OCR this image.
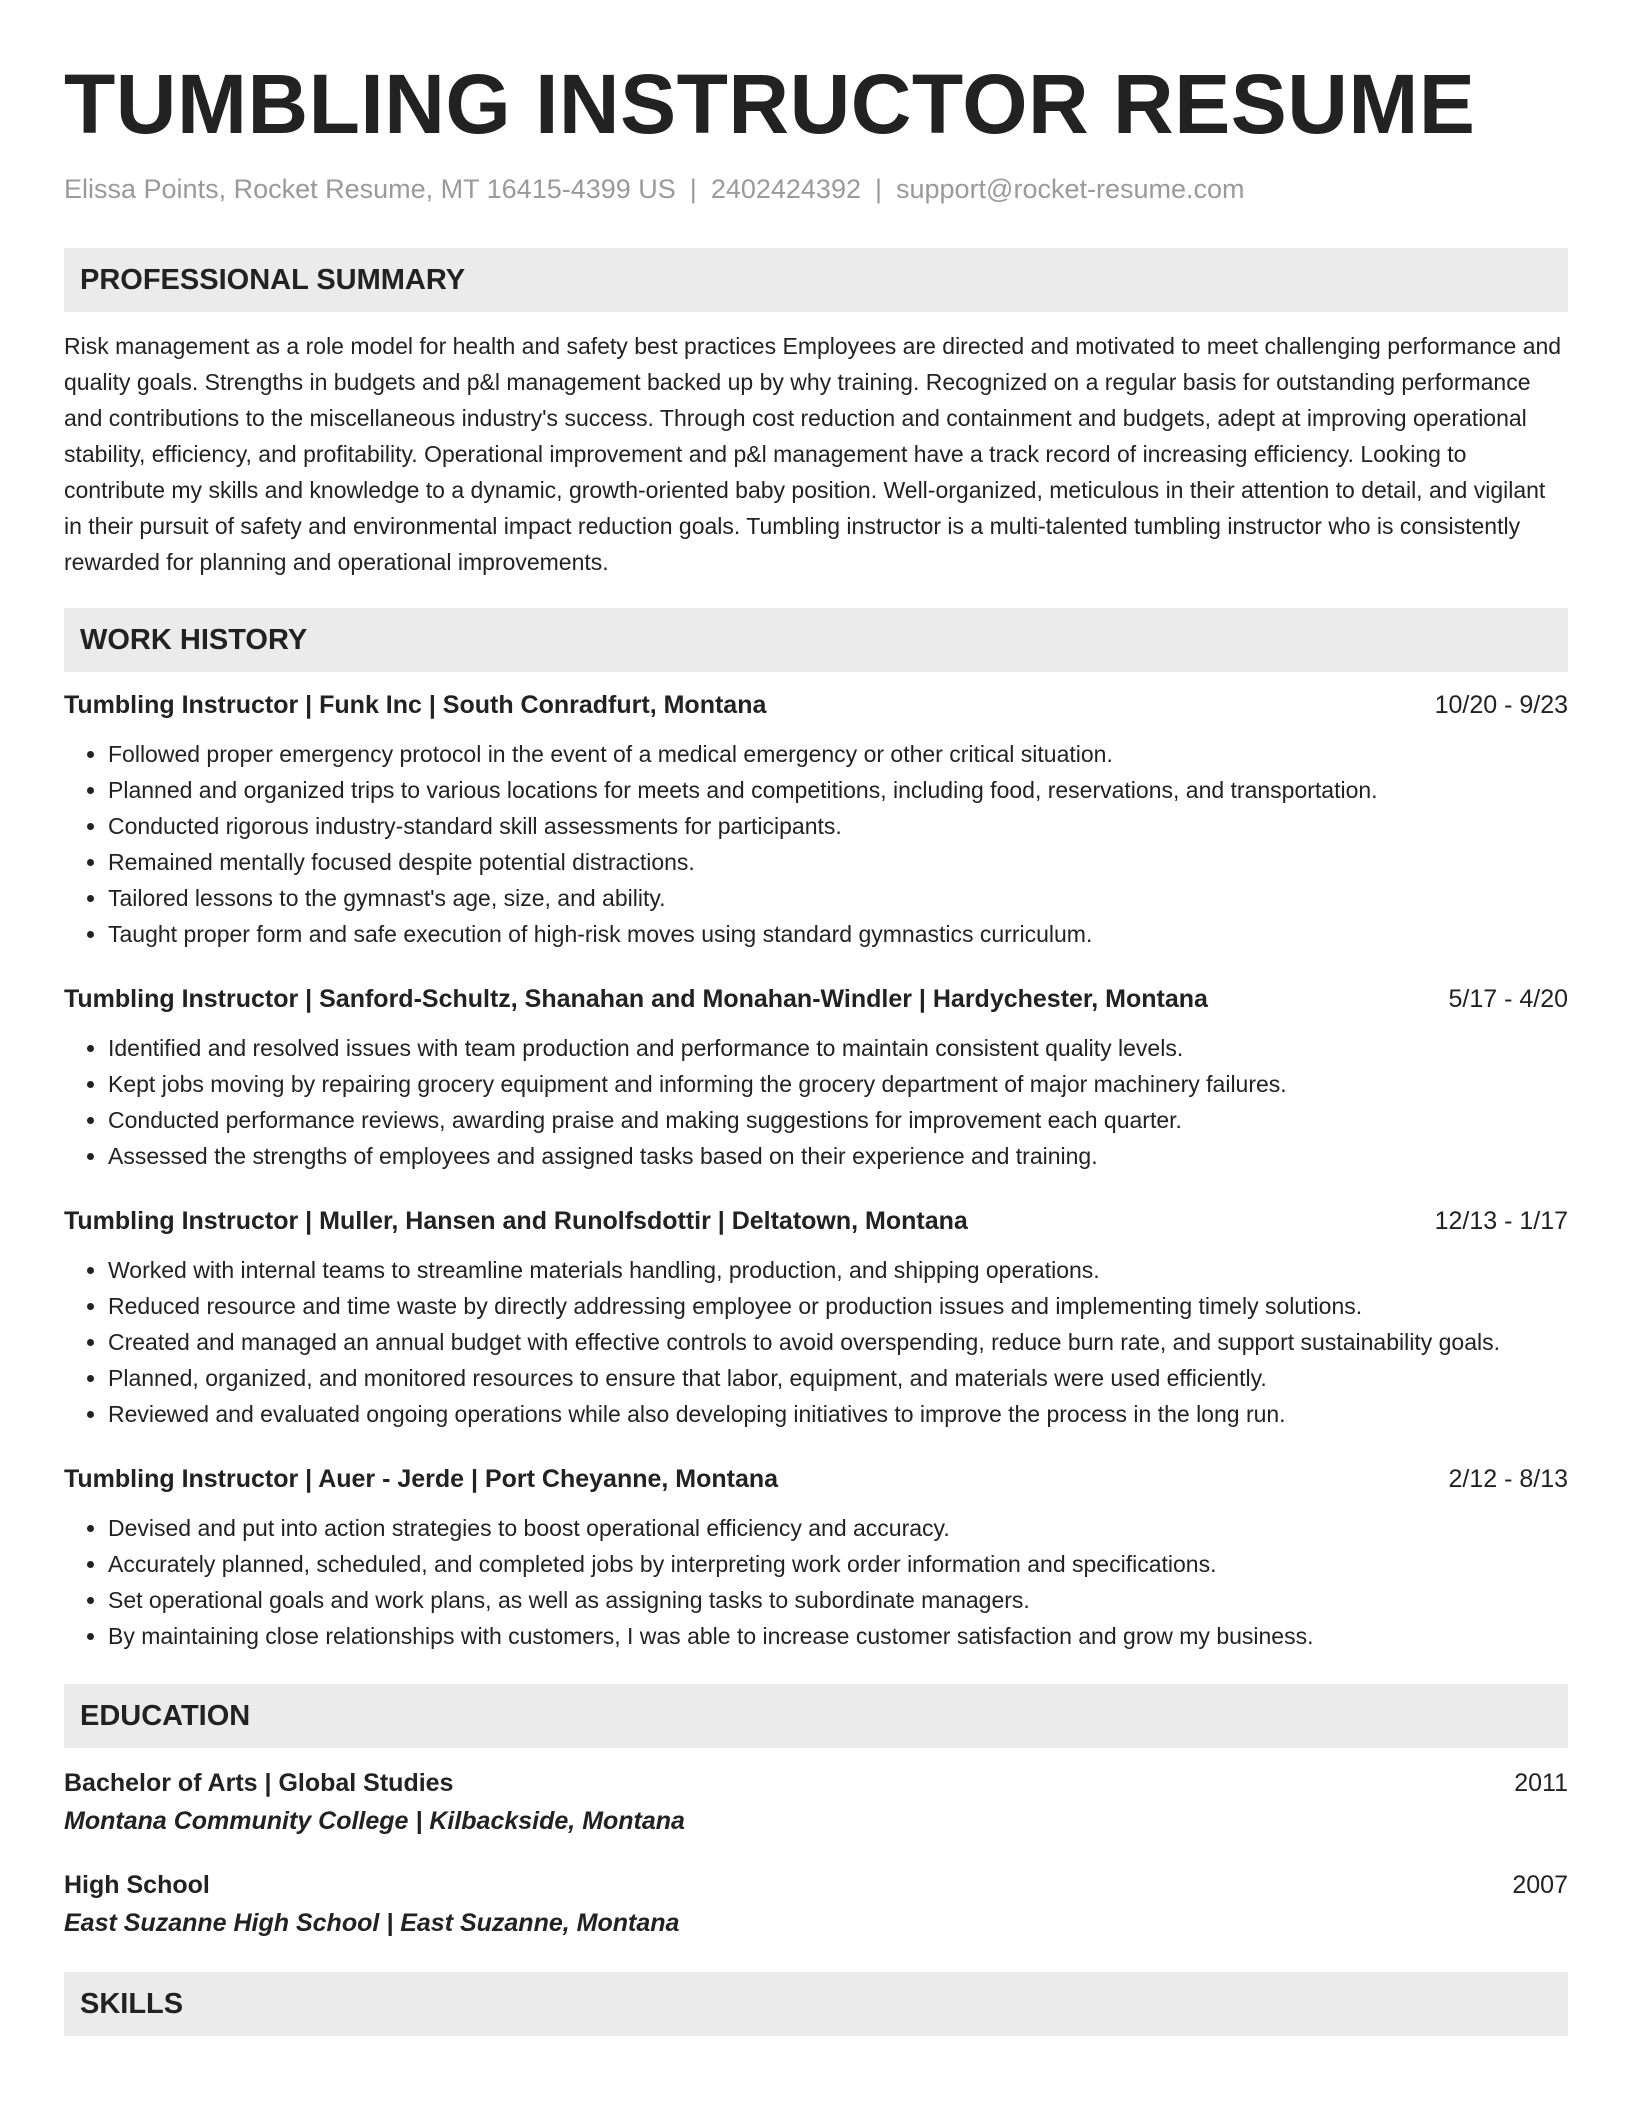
TUMBLING INSTRUCTOR RESUME
Elissa Points, Rocket Resume, MT 16415-4399 US | 2402424392 | support@rocket-resume.com
PROFESSIONAL SUMMARY

Risk management as a role model for health and safety best practices Employees are directed and motivated to meet challenging performance and quality goals. Strengths in budgets and p&l management backed up by why training. Recognized on a regular basis for outstanding performance and contributions to the miscellaneous industry's success. Through cost reduction and containment and budgets, adept at improving operational stability, efficiency, and profitability. Operational improvement and p&l management have a track record of increasing efficiency. Looking to contribute my skills and knowledge to a dynamic, growth-oriented baby position. Well-organized, meticulous in their attention to detail, and vigilant in their pursuit of safety and environmental impact reduction goals. Tumbling instructor is a multi-talented tumbling instructor who is consistently rewarded for planning and operational improvements.

WORK HISTORY
Tumbling Instructor | Funk Inc | South Conradfurt, Montana	10/20 - 9/23
• Followed proper emergency protocol in the event of a medical emergency or other critical situation.
• Planned and organized trips to various locations for meets and competitions, including food, reservations, and transportation.
• Conducted rigorous industry-standard skill assessments for participants.
• Remained mentally focused despite potential distractions.
• Tailored lessons to the gymnast's age, size, and ability.
• Taught proper form and safe execution of high-risk moves using standard gymnastics curriculum.
Tumbling Instructor | Sanford-Schultz, Shanahan and Monahan-Windler | Hardychester, Montana	5/17 - 4/20
• Identified and resolved issues with team production and performance to maintain consistent quality levels.
• Kept jobs moving by repairing grocery equipment and informing the grocery department of major machinery failures.
• Conducted performance reviews, awarding praise and making suggestions for improvement each quarter.
• Assessed the strengths of employees and assigned tasks based on their experience and training.
Tumbling Instructor | Muller, Hansen and Runolfsdottir | Deltatown, Montana	12/13 - 1/17
• Worked with internal teams to streamline materials handling, production, and shipping operations.
• Reduced resource and time waste by directly addressing employee or production issues and implementing timely solutions.
• Created and managed an annual budget with effective controls to avoid overspending, reduce burn rate, and support sustainability goals.
• Planned, organized, and monitored resources to ensure that labor, equipment, and materials were used efficiently.
• Reviewed and evaluated ongoing operations while also developing initiatives to improve the process in the long run.
Tumbling Instructor | Auer - Jerde | Port Cheyanne, Montana	2/12 - 8/13
• Devised and put into action strategies to boost operational efficiency and accuracy.
• Accurately planned, scheduled, and completed jobs by interpreting work order information and specifications.
• Set operational goals and work plans, as well as assigning tasks to subordinate managers.
• By maintaining close relationships with customers, I was able to increase customer satisfaction and grow my business.
EDUCATION
Bachelor of Arts | Global Studies	2011
Montana Community College | Kilbackside, Montana
High School	2007
East Suzanne High School | East Suzanne, Montana
SKILLS
